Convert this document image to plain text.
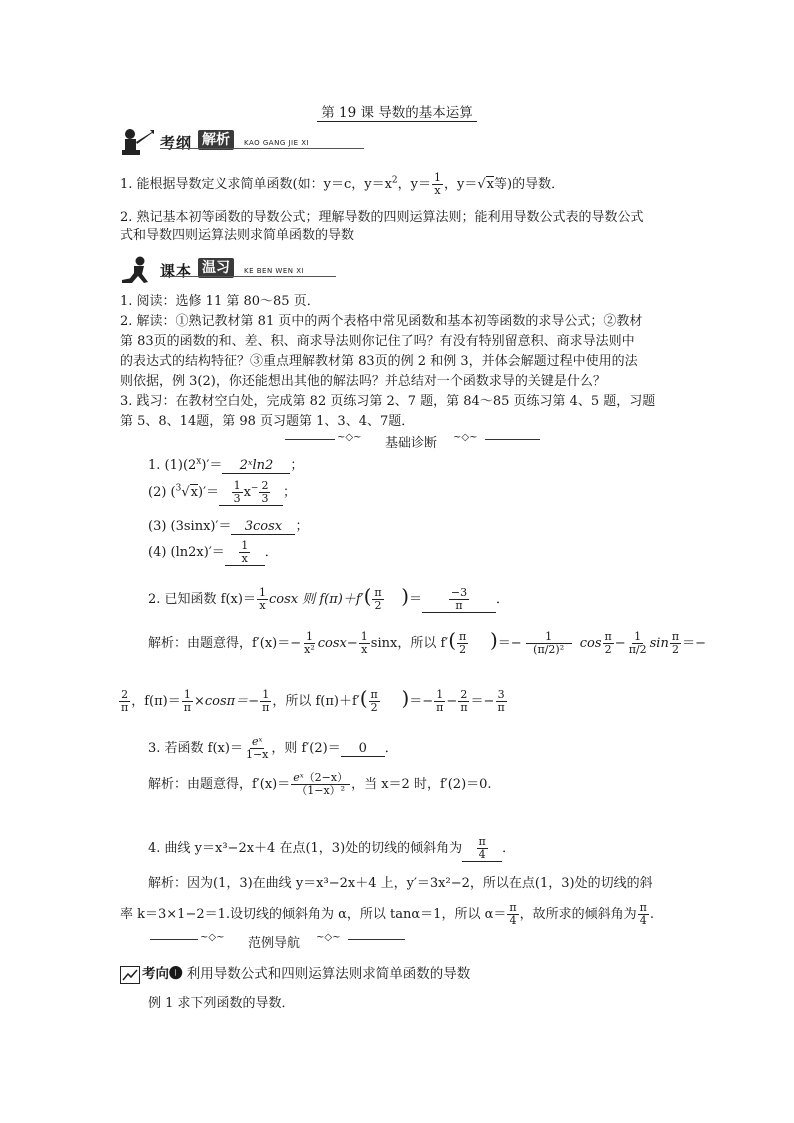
第 19 课 导数的基本运算
考纲 解析	KAO GANG JIE XI
1. 能根据导数定义求简单函数(如：y＝c，$y=x^2$，$y= \frac{1}{x}$ ，y＝√x等)的导数．
2. 熟记基本初等函数的导数公式；理解导数的四则运算法则；能利用导数公式表的导数公式
式和导数四则运算法则求简单函数的导数
课本 温习	KE BEN WEN XI
1. 阅读：选修 11 第 80～85 页．
2. 解读：①熟记教材第 81 页中的两个表格中常见函数和基本初等函数的求导公式；②教材
第 83页的函数的和、差、积、商求导法则你记住了吗？有没有特别留意积、商求导法则中
的表达式的结构特征？③重点理解教材第 83页的例 2 和例 3，并体会解题过程中使用的法
则依据，例 3(2)，你还能想出其他的解法吗？并总结对一个函数求导的关键是什么？
3. 践习：在教材空白处，完成第 82 页练习第 2、7 题，第 84～85 页练习第 4、5 题，习题
第 5、8、14题，第 98 页习题第 1、3、4、7题．
~◇~ 基础诊断 ~◇~
1. $(1)(2^x)'=$ 2ˣln2 ；
(2) $(^3√x)'= \frac{1}{3} x^- \frac{2}{3}$ ；
(3) (3sinx)′＝ 3cosx ；
(4) $(\ln 2x)'= \frac{1}{x}$ ．
2. 已知函数 $f(x)= \frac{1}{x}$ cosx 则 $f(\pi)+f'( \frac{\pi}{2}$ )＝ $\frac{-3}{\pi}$ ．
解析：由题意得，$f'(x)=- \frac{1}{\text{x²}} \cos x- \frac{1}{x}$ sinx，所以 $f'( \frac{\pi}{2}$ )＝− $\frac{1}{\text{(π/2)²}}$ $\cos \frac{\pi}{2} - \frac{1}{\pi/2}$ $\sin \frac{\pi}{2}$ ＝−
$\frac{2}{\pi}$ ，$f(\pi)= \frac{1}{\pi} \times\cos\pi=- \frac{1}{\pi}$ ，所以 $f(\pi)+f'( \frac{\pi}{2}$ )＝− $\frac{1}{\pi} - \frac{2}{\pi} =- \frac{3}{\pi}$
3. 若函数 $f(x)= \frac{\text{eˣ}}{1-x}$ ，则 f′(2)＝ 0 ．
解析：由题意得，$f'(x)= \frac{\text{eˣ（2−x）}}{\text{（1−x）²}}$ ，当 x＝2 时，f′(2)＝0.
4. 曲线 y＝x³−2x＋4 在点(1，3)处的切线的倾斜角为 $\frac{\pi}{4}$ ．
解析：因为(1，3)在曲线 y＝x³−2x＋4 上，y′＝3x²−2，所以在点(1，3)处的切线的斜
率 k＝3×1−2＝1.设切线的倾斜角为 α，所以 tanα＝1，所以 $\alpha= \frac{\pi}{4}$ ，故所求的倾斜角为 $\frac{\pi}{4}$ .
~◇~ 范例导航 ~◇~
考向❶ 利用导数公式和四则运算法则求简单函数的导数
例 1 求下列函数的导数．
